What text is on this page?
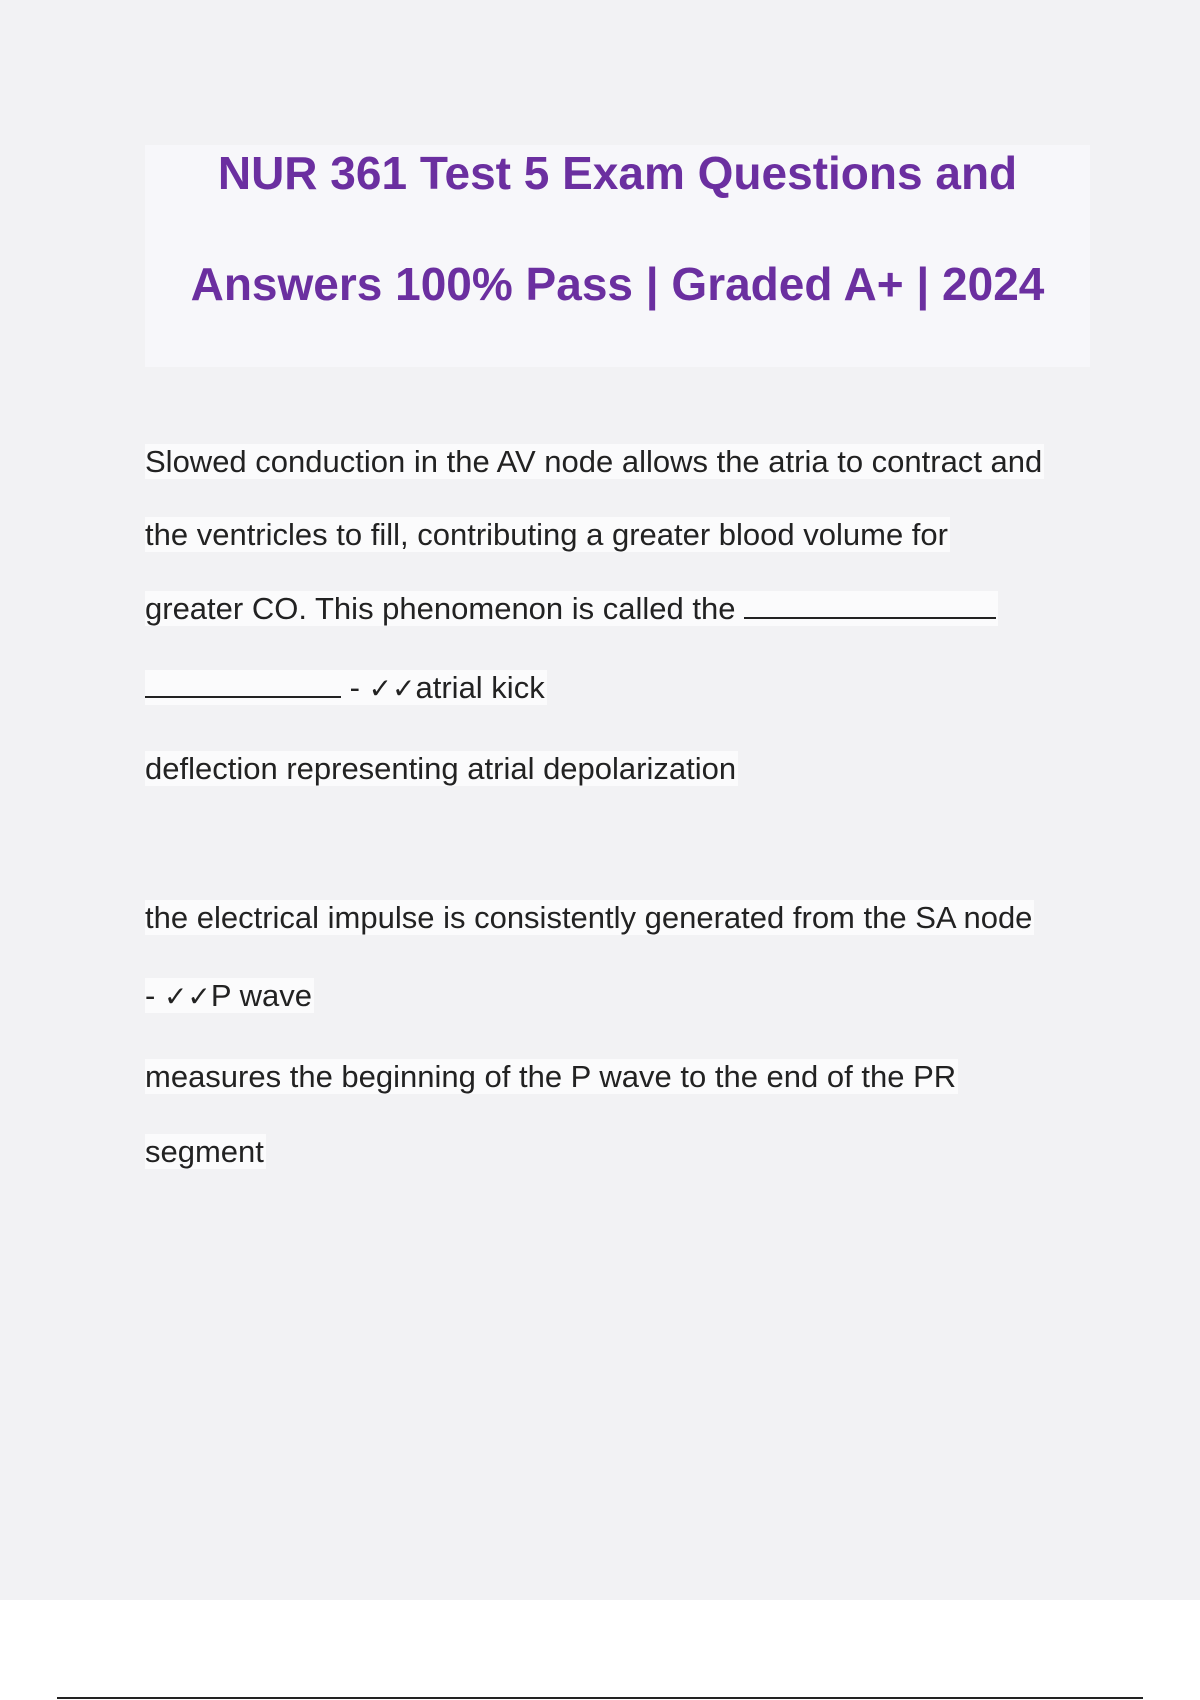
NUR 361 Test 5 Exam Questions and
Answers 100% Pass | Graded A+ | 2024
Slowed conduction in the AV node allows the atria to contract and
the ventricles to fill, contributing a greater blood volume for
greater CO. This phenomenon is called the
- ✓✓atrial kick
deflection representing atrial depolarization
the electrical impulse is consistently generated from the SA node
- ✓✓P wave
measures the beginning of the P wave to the end of the PR
segment
